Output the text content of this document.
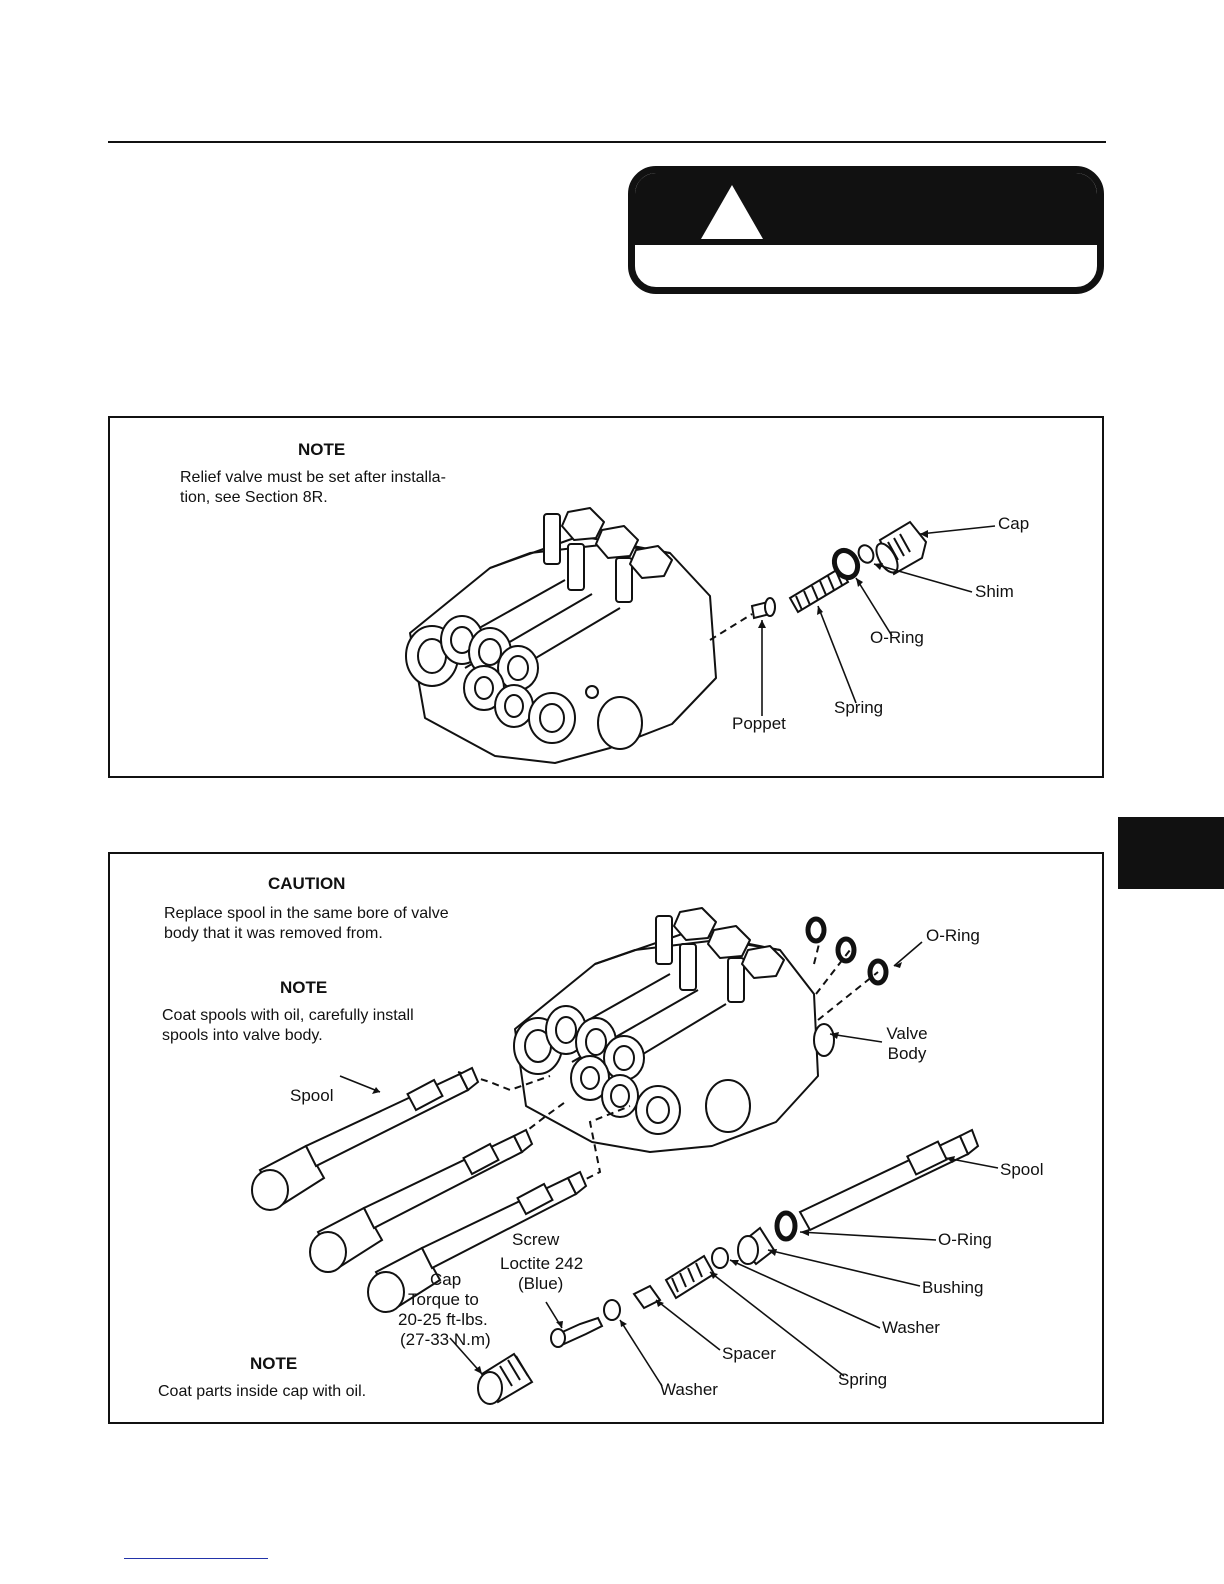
NOTE
Relief valve must be set after installa- tion, see Section 8R.
Cap
Shim
O-Ring
Spring
Poppet
CAUTION
Replace spool in the same bore of valve body that it was removed from.
NOTE
Coat spools with oil, carefully install spools into valve body.
O-Ring
Valve Body
Spool
Spool
O-Ring
Bushing
Washer
Spring
Spacer
Washer
Screw
Loctite 242
(Blue)
Cap
Torque to
20-25 ft-lbs.
(27-33 N.m)
NOTE
Coat parts inside cap with oil.
